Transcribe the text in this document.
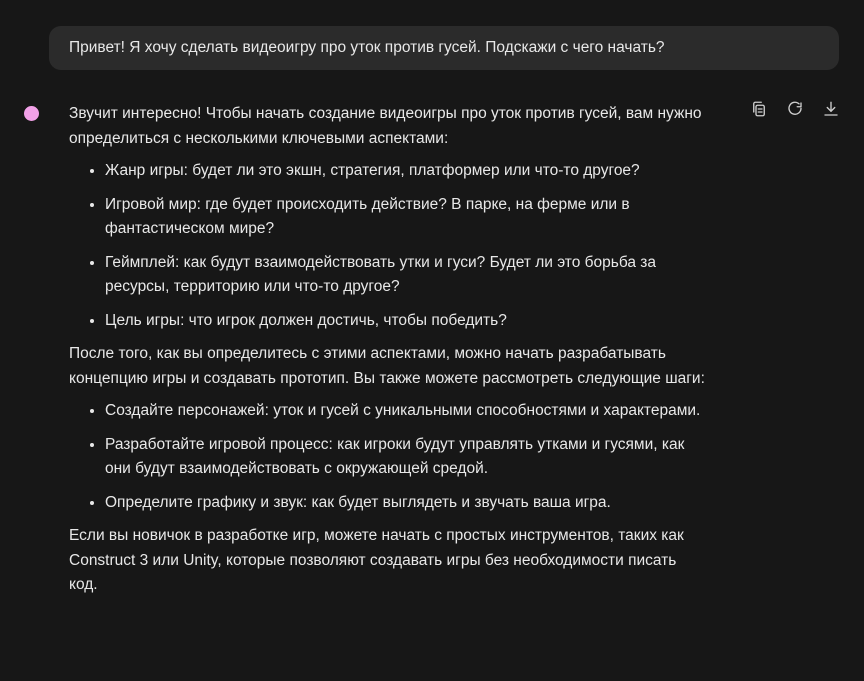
Привет! Я хочу сделать видеоигру про уток против гусей. Подскажи с чего начать?

Звучит интересно! Чтобы начать создание видеоигры про уток против гусей, вам нужно определиться с несколькими ключевыми аспектами:

• Жанр игры: будет ли это экшн, стратегия, платформер или что-то другое?
• Игровой мир: где будет происходить действие? В парке, на ферме или в фантастическом мире?
• Геймплей: как будут взаимодействовать утки и гуси? Будет ли это борьба за ресурсы, территорию или что-то другое?
• Цель игры: что игрок должен достичь, чтобы победить?

После того, как вы определитесь с этими аспектами, можно начать разрабатывать концепцию игры и создавать прототип. Вы также можете рассмотреть следующие шаги:

• Создайте персонажей: уток и гусей с уникальными способностями и характерами.
• Разработайте игровой процесс: как игроки будут управлять утками и гусями, как они будут взаимодействовать с окружающей средой.
• Определите графику и звук: как будет выглядеть и звучать ваша игра.

Если вы новичок в разработке игр, можете начать с простых инструментов, таких как Construct 3 или Unity, которые позволяют создавать игры без необходимости писать код.
